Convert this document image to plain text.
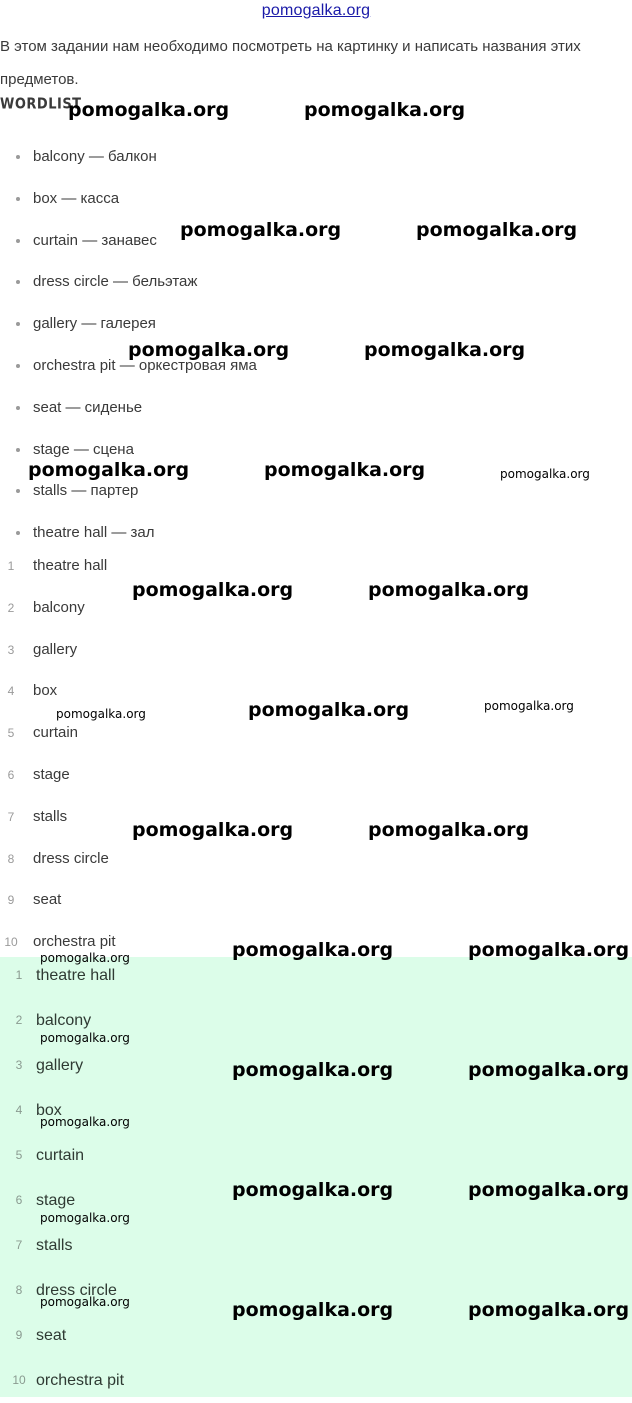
pomogalka.org
В этом задании нам необходимо посмотреть на картинку и написать названия этих предметов.
WORDLIST
balcony — балкон
box — касса
curtain — занавес
dress circle — бельэтаж
gallery — галерея
orchestra pit — оркестровая яма
seat — сиденье
stage — сцена
stalls — партер
theatre hall — зал
1	theatre hall
2	balcony
3	gallery
4	box
5	curtain
6	stage
7	stalls
8	dress circle
9	seat
10 orchestra pit
1 theatre hall
2 balcony
3 gallery
4 box
5 curtain
6 stage
7 stalls
8 dress circle
9 seat
10 orchestra pit
pomogalka.org	pomogalka.org
pomogalka.org	pomogalka.org
pomogalka.org	pomogalka.org
pomogalka.org	pomogalka.org	pomogalka.org
pomogalka.org	pomogalka.org
pomogalka.org	pomogalka.org	pomogalka.org
pomogalka.org	pomogalka.org
pomogalka.org	pomogalka.org	pomogalka.org
pomogalka.org
pomogalka.org	pomogalka.org
pomogalka.org
pomogalka.org	pomogalka.org
pomogalka.org
pomogalka.org	pomogalka.org	pomogalka.org
